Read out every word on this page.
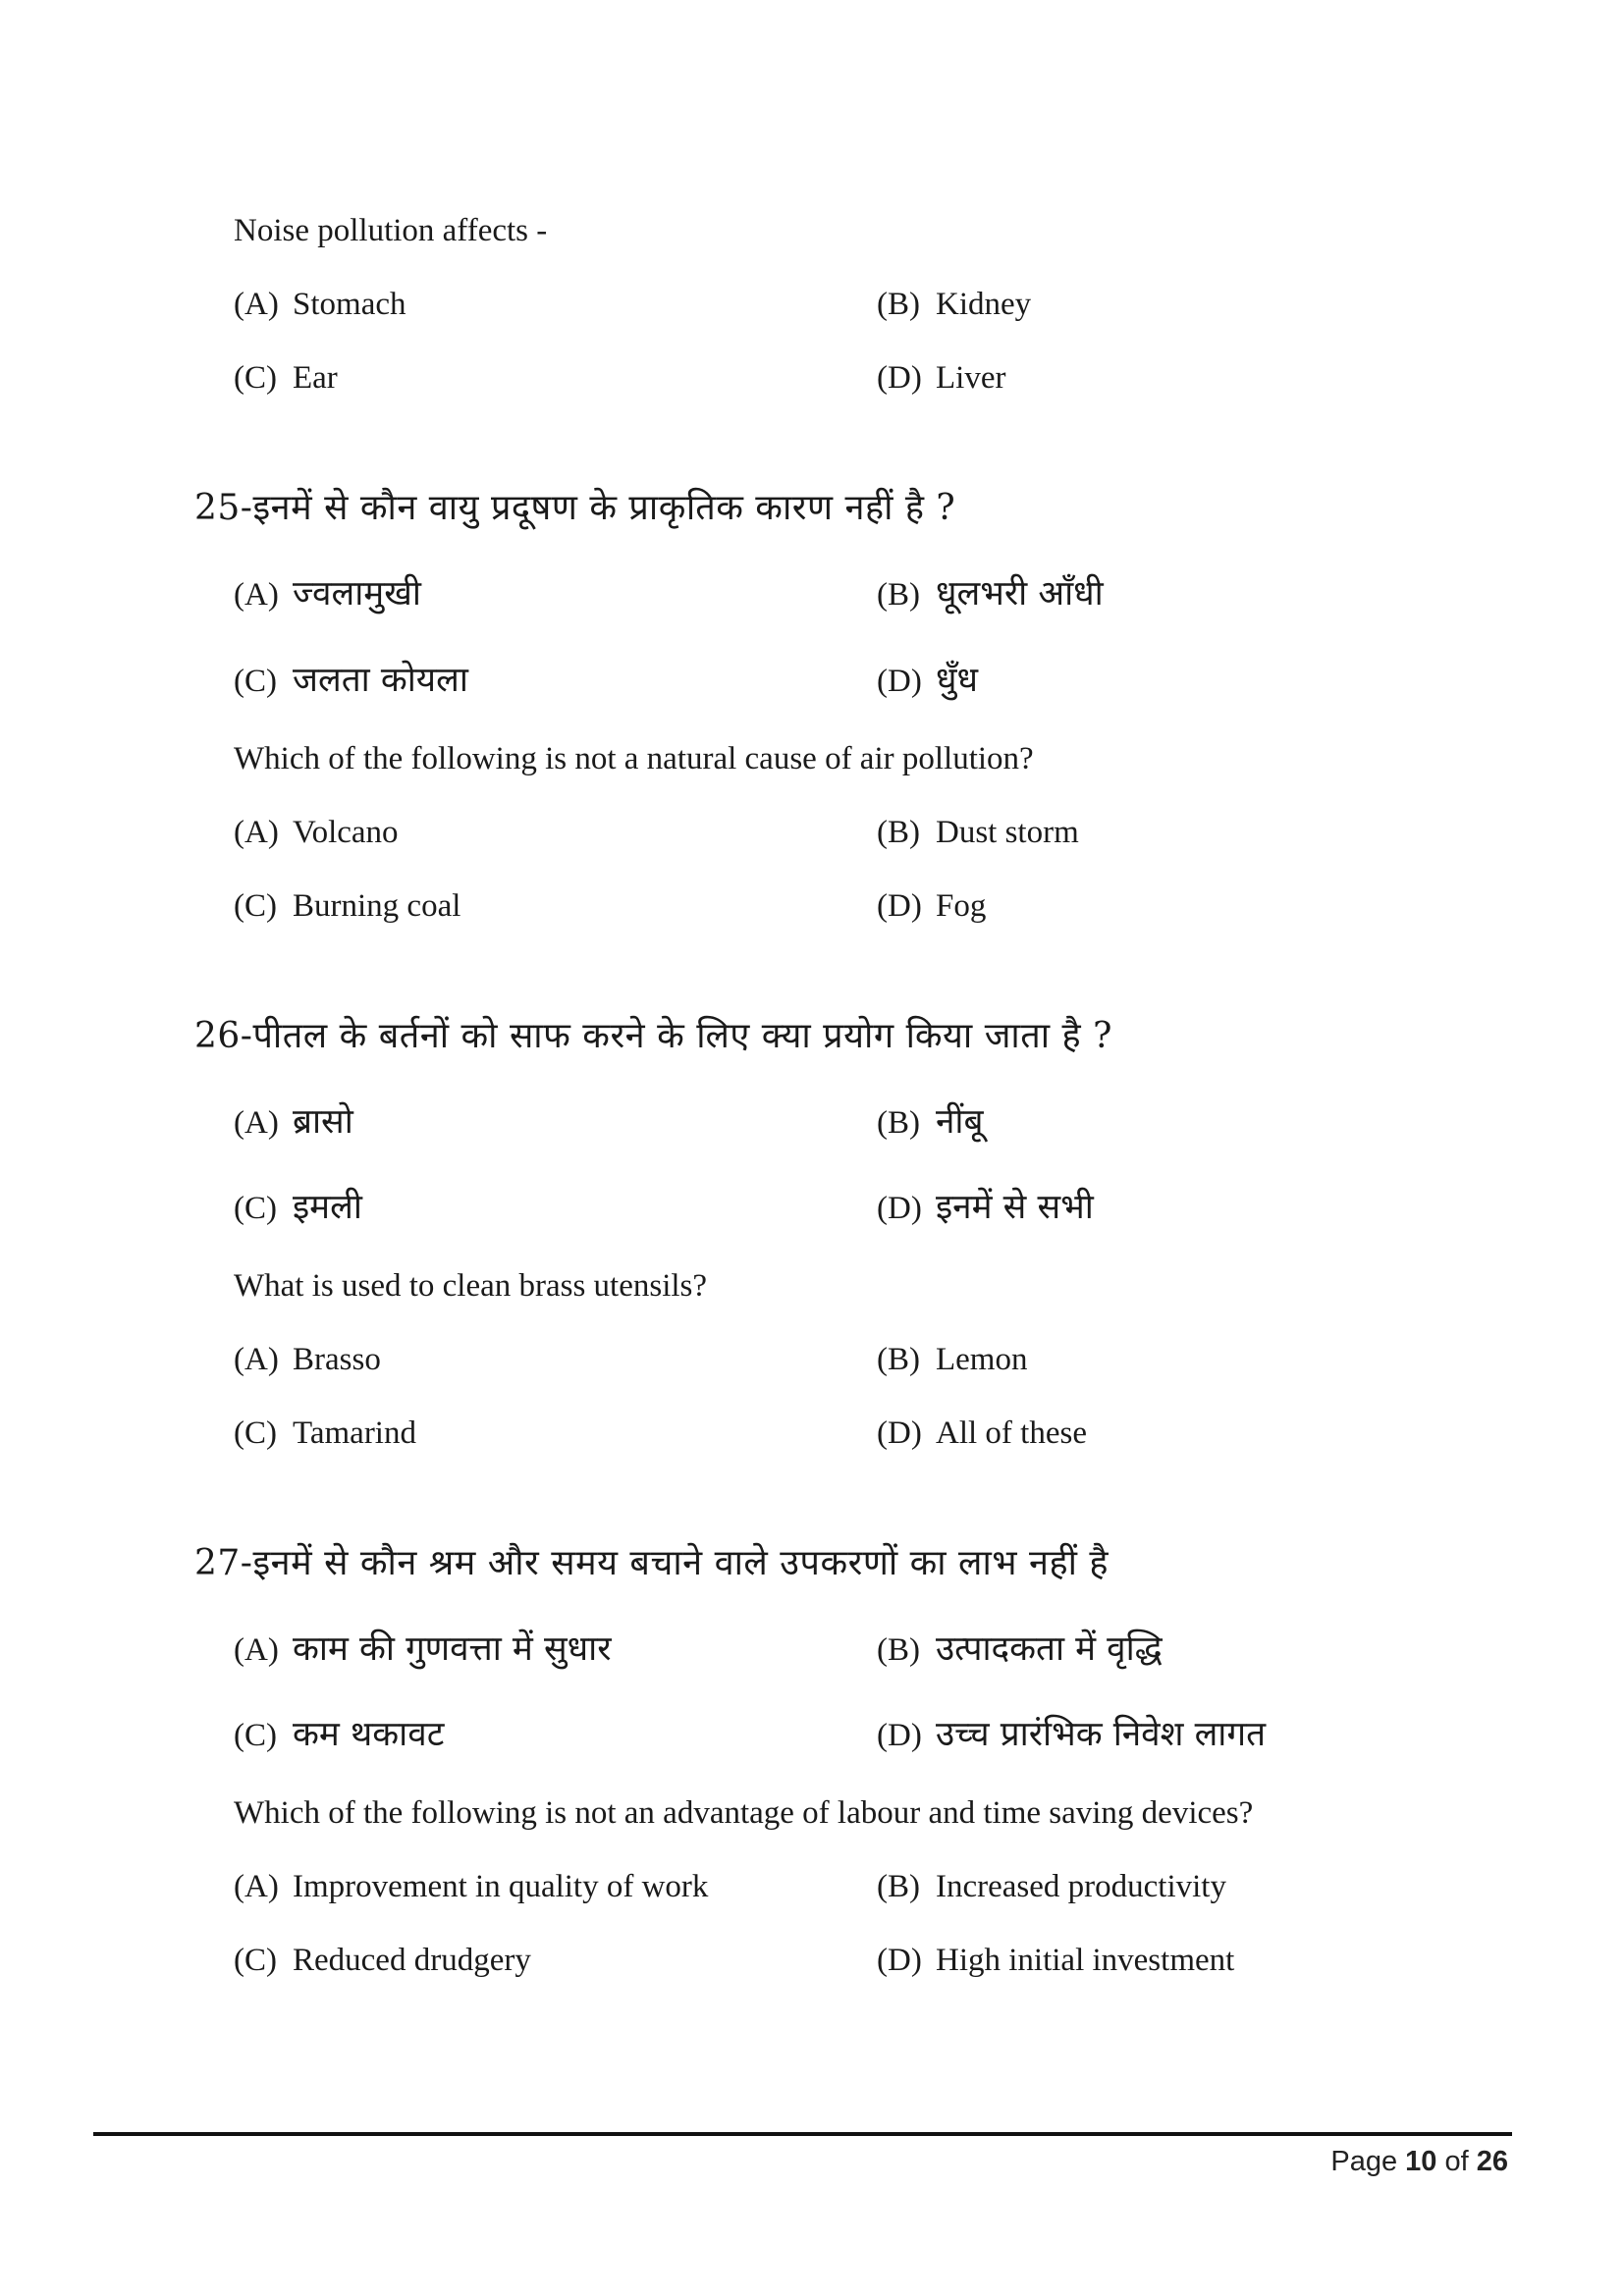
Noise pollution affects -
(A) Stomach	(B) Kidney
(C) Ear	(D) Liver
25-इनमें से कौन वायु प्रदूषण के प्राकृतिक कारण नहीं है ?
(A) ज्वलामुखी	(B) धूलभरी आँधी
(C) जलता कोयला	(D) धुँध
Which of the following is not a natural cause of air pollution?
(A) Volcano	(B) Dust storm
(C) Burning coal	(D) Fog
26-पीतल के बर्तनों को साफ करने के लिए क्या प्रयोग किया जाता है ?
(A) ब्रासो	(B) नींबू
(C) इमली	(D) इनमें से सभी
What is used to clean brass utensils?
(A) Brasso	(B) Lemon
(C) Tamarind	(D) All of these
27-इनमें से कौन श्रम और समय बचाने वाले उपकरणों का लाभ नहीं है
(A) काम की गुणवत्ता में सुधार	(B) उत्पादकता में वृद्धि
(C) कम थकावट	(D) उच्च प्रारंभिक निवेश लागत
Which of the following is not an advantage of labour and time saving devices?
(A) Improvement in quality of work	(B) Increased productivity
(C) Reduced drudgery	(D) High initial investment
Page 10 of 26
